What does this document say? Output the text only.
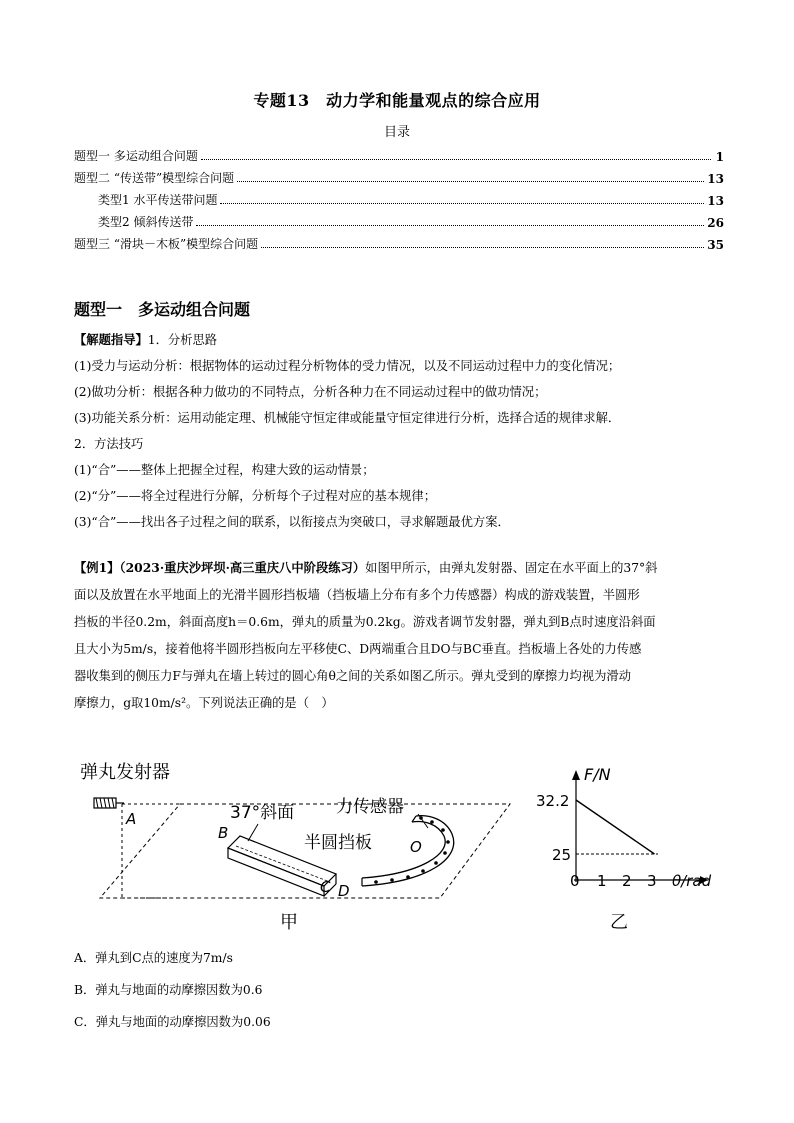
专题13　动力学和能量观点的综合应用
目录
题型一 多运动组合问题	1
题型二 “传送带”模型综合问题	13
类型1 水平传送带问题	13
类型2 倾斜传送带	26
题型三 “滑块－木板”模型综合问题	35
题型一　多运动组合问题

【解题指导】1．分析思路

(1)受力与运动分析：根据物体的运动过程分析物体的受力情况，以及不同运动过程中力的变化情况；

(2)做功分析：根据各种力做功的不同特点，分析各种力在不同运动过程中的做功情况；

(3)功能关系分析：运用动能定理、机械能守恒定律或能量守恒定律进行分析，选择合适的规律求解．

2．方法技巧

(1)“合”——整体上把握全过程，构建大致的运动情景；

(2)“分”——将全过程进行分解，分析每个子过程对应的基本规律；

(3)“合”——找出各子过程之间的联系，以衔接点为突破口，寻求解题最优方案．

【例1】（2023·重庆沙坪坝·高三重庆八中阶段练习）如图甲所示，由弹丸发射器、固定在水平面上的37°斜

面以及放置在水平地面上的光滑半圆形挡板墙（挡板墙上分布有多个力传感器）构成的游戏装置，半圆形

挡板的半径0.2m，斜面高度h＝0.6m，弹丸的质量为0.2kg。游戏者调节发射器，弹丸到B点时速度沿斜面

且大小为5m/s，接着他将半圆形挡板向左平移使C、D两端重合且DO与BC垂直。挡板墙上各处的力传感

器收集到的侧压力F与弹丸在墙上转过的圆心角θ之间的关系如图乙所示。弹丸受到的摩擦力均视为滑动

摩擦力，g取10m/s²。下列说法正确的是（　）

弹丸发射器
A	37°斜面
B
C D
半圆挡板
力传感器
O
甲
F/N
θ/rad
32.2
25
0 1 2 3
乙

A．弹丸到C点的速度为7m/s

B．弹丸与地面的动摩擦因数为0.6

C．弹丸与地面的动摩擦因数为0.06
